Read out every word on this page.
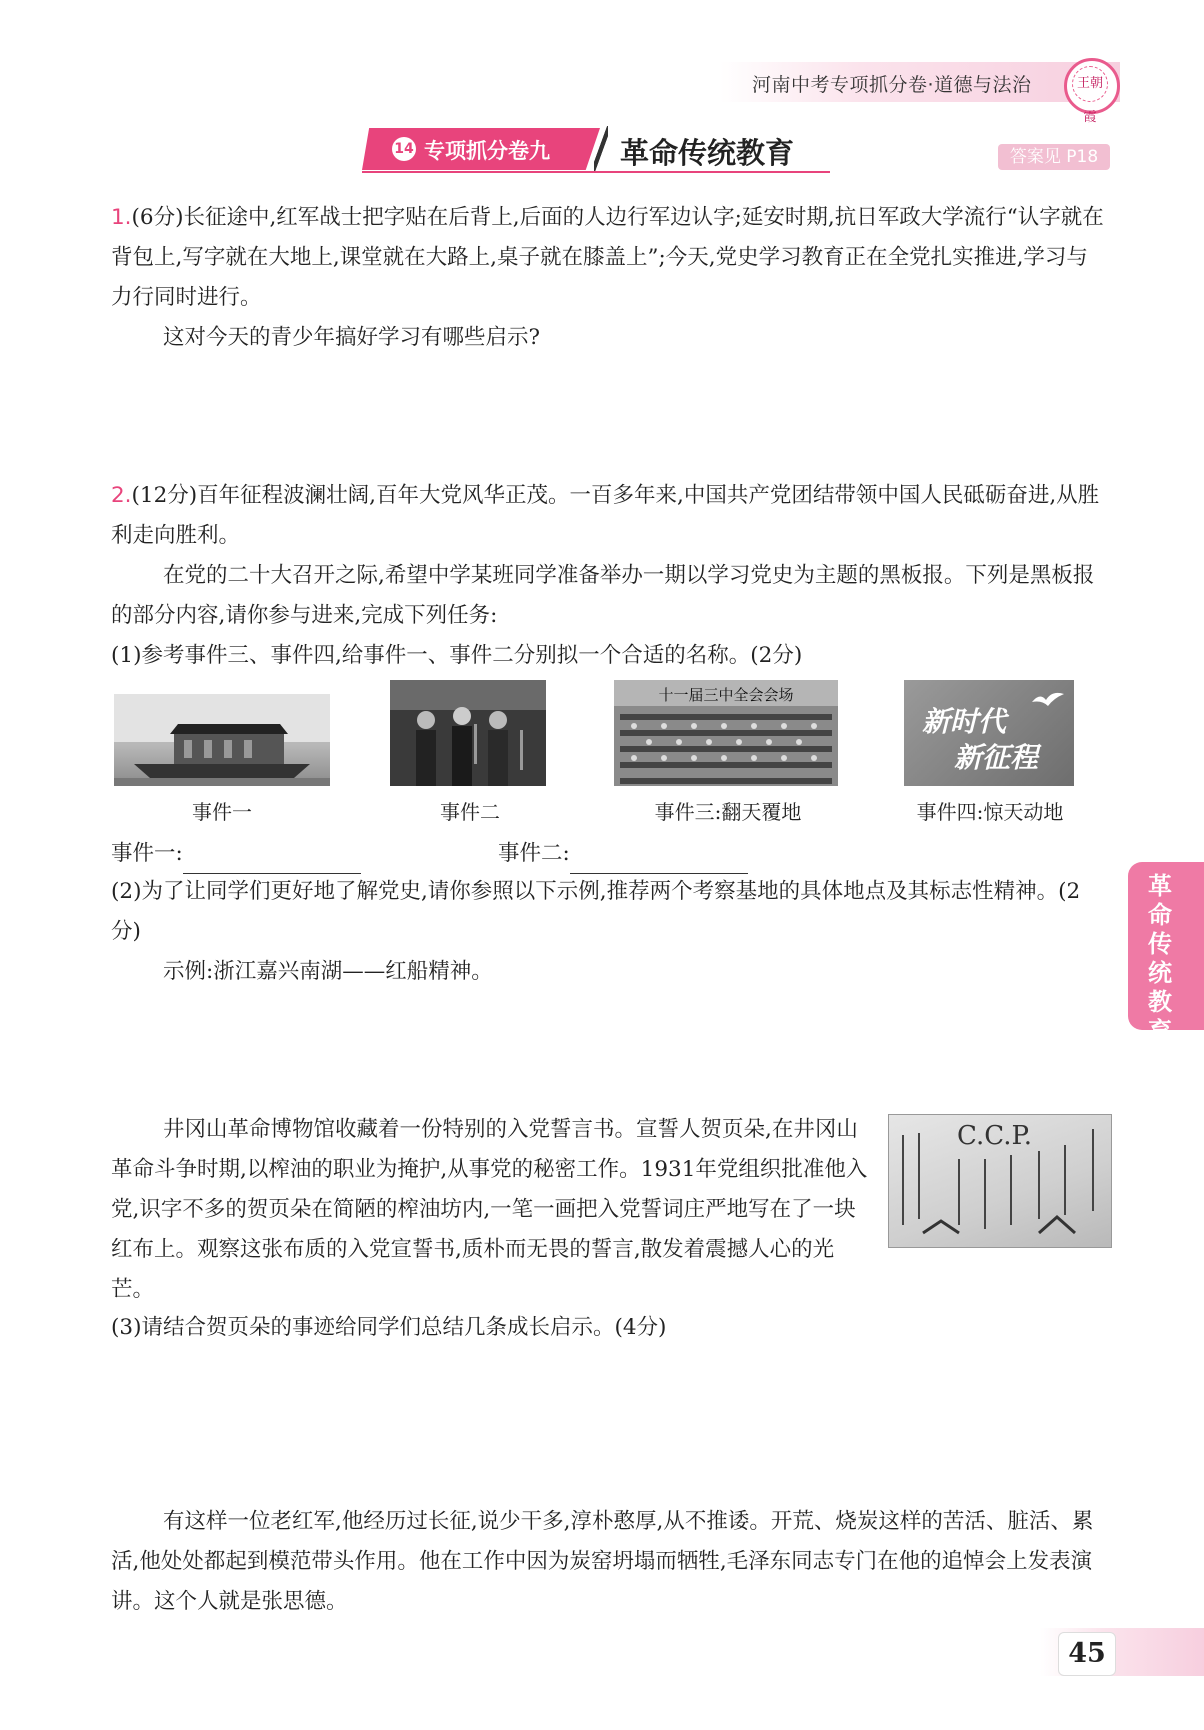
河南中考专项抓分卷·道德与法治	王朝霞
14 专项抓分卷九 革命传统教育	答案见 P18

1.(6分)长征途中,红军战士把字贴在后背上,后面的人边行军边认字;延安时期,抗日军政大学流行“认字就在背包上,写字就在大地上,课堂就在大路上,桌子就在膝盖上”;今天,党史学习教育正在全党扎实推进,学习与力行同时进行。

这对今天的青少年搞好学习有哪些启示?

2.(12分)百年征程波澜壮阔,百年大党风华正茂。一百多年来,中国共产党团结带领中国人民砥砺奋进,从胜利走向胜利。

在党的二十大召开之际,希望中学某班同学准备举办一期以学习党史为主题的黑板报。下列是黑板报的部分内容,请你参与进来,完成下列任务:

(1)参考事件三、事件四,给事件一、事件二分别拟一个合适的名称。(2分)

十一届三中全会会场
新时代
新征程
事件一	事件二	事件三:翻天覆地	事件四:惊天动地

事件一:	事件二:

(2)为了让同学们更好地了解党史,请你参照以下示例,推荐两个考察基地的具体地点及其标志性精神。(2分)

示例:浙江嘉兴南湖——红船精神。

井冈山革命博物馆收藏着一份特别的入党誓言书。宣誓人贺页朵,在井冈山革命斗争时期,以榨油的职业为掩护,从事党的秘密工作。1931年党组织批准他入党,识字不多的贺页朵在简陋的榨油坊内,一笔一画把入党誓词庄严地写在了一块红布上。观察这张布质的入党宣誓书,质朴而无畏的誓言,散发着震撼人心的光芒。

C.C.P.

(3)请结合贺页朵的事迹给同学们总结几条成长启示。(4分)

有这样一位老红军,他经历过长征,说少干多,淳朴憨厚,从不推诿。开荒、烧炭这样的苦活、脏活、累活,他处处都起到模范带头作用。他在工作中因为炭窑坍塌而牺牲,毛泽东同志专门在他的追悼会上发表演讲。这个人就是张思德。

革命传统教育
45
